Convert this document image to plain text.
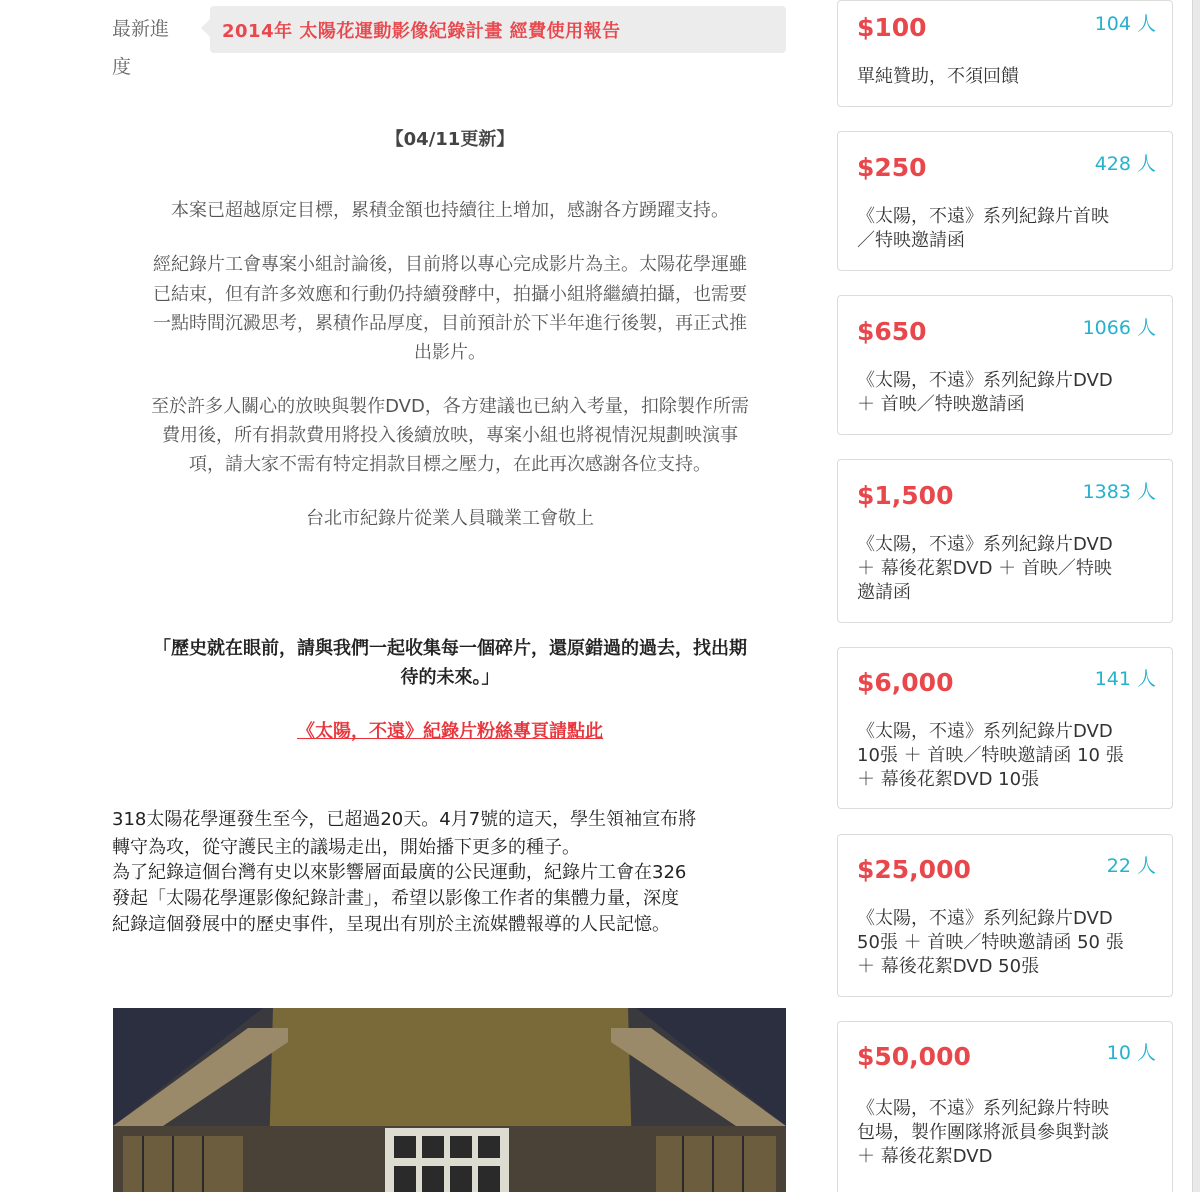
最新進度
2014年 太陽花運動影像紀錄計畫 經費使用報告

【04/11更新】

本案已超越原定目標，累積金額也持續往上增加，感謝各方踴躍支持。

經紀錄片工會專案小組討論後，目前將以專心完成影片為主。太陽花學運雖

已結束，但有許多效應和行動仍持續發酵中，拍攝小組將繼續拍攝，也需要

一點時間沉澱思考，累積作品厚度，目前預計於下半年進行後製，再正式推

出影片。

至於許多人關心的放映與製作DVD，各方建議也已納入考量，扣除製作所需

費用後，所有捐款費用將投入後續放映，專案小組也將視情況規劃映演事

項，請大家不需有特定捐款目標之壓力，在此再次感謝各位支持。

台北市紀錄片從業人員職業工會敬上

「歷史就在眼前，請與我們一起收集每一個碎片，還原錯過的過去，找出期

待的未來。」

《太陽，不遠》紀錄片粉絲專頁請點此

318太陽花學運發生至今，已超過20天。4月7號的這天，學生領袖宣布將

轉守為攻，從守護民主的議場走出，開始播下更多的種子。

為了紀錄這個台灣有史以來影響層面最廣的公民運動，紀錄片工會在326

發起「太陽花學運影像紀錄計畫」，希望以影像工作者的集體力量，深度

紀錄這個發展中的歷史事件，呈現出有別於主流媒體報導的人民記憶。

$100	104 人

單純贊助，不須回饋

$250	428 人
《太陽，不遠》系列紀錄片首映
／特映邀請函
$650	1066 人
《太陽，不遠》系列紀錄片DVD
＋ 首映／特映邀請函
$1,500	1383 人
《太陽，不遠》系列紀錄片DVD
＋ 幕後花絮DVD ＋ 首映／特映
邀請函
$6,000	141 人
《太陽，不遠》系列紀錄片DVD
10張 ＋ 首映／特映邀請函 10 張
＋ 幕後花絮DVD 10張
$25,000	22 人
《太陽，不遠》系列紀錄片DVD
50張 ＋ 首映／特映邀請函 50 張
＋ 幕後花絮DVD 50張
$50,000	10 人
《太陽，不遠》系列紀錄片特映
包場，製作團隊將派員參與對談
＋ 幕後花絮DVD
